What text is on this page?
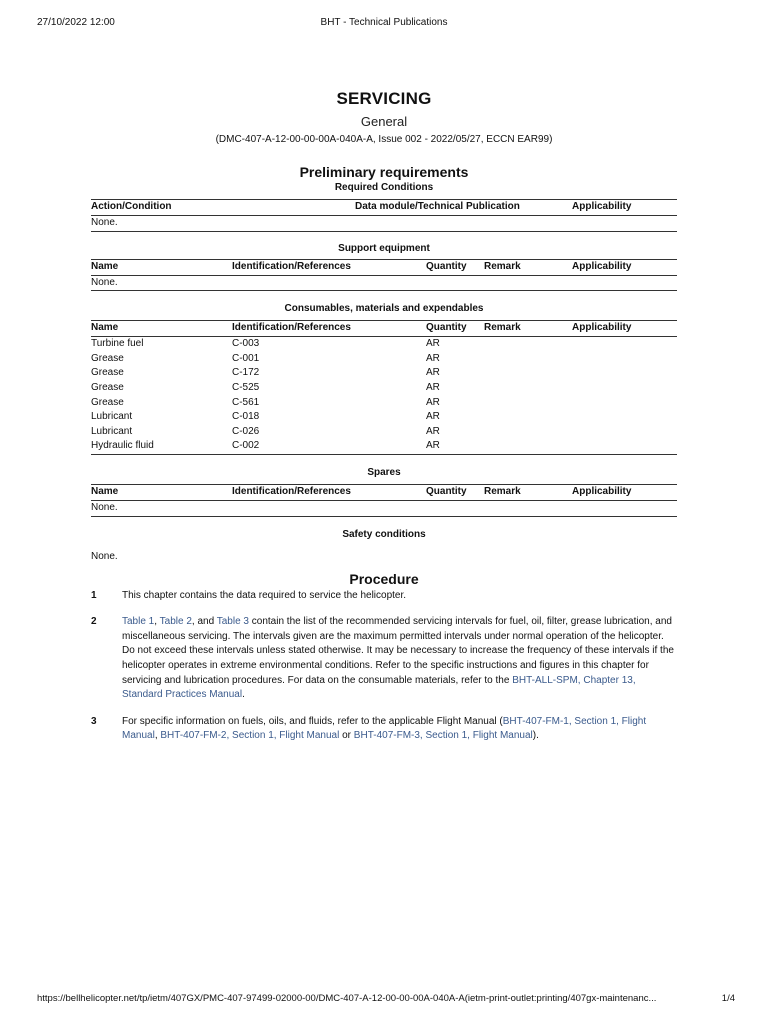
27/10/2022 12:00	BHT - Technical Publications
SERVICING
General
(DMC-407-A-12-00-00-00A-040A-A, Issue 002 - 2022/05/27, ECCN EAR99)
Preliminary requirements
Required Conditions
Action/Condition	Data module/Technical Publication	Applicability
None.		
Support equipment
Name	Identification/References	Quantity	Remark	Applicability
None.				
Consumables, materials and expendables
Name	Identification/References	Quantity	Remark	Applicability
Turbine fuel	C-003	AR		
Grease	C-001	AR		
Grease	C-172	AR		
Grease	C-525	AR		
Grease	C-561	AR		
Lubricant	C-018	AR		
Lubricant	C-026	AR		
Hydraulic fluid	C-002	AR		
Spares
Name	Identification/References	Quantity	Remark	Applicability
None.				
Safety conditions
None.
Procedure
1	This chapter contains the data required to service the helicopter.
2	Table 1, Table 2, and Table 3 contain the list of the recommended servicing intervals for fuel, oil, filter, grease lubrication, and miscellaneous servicing. The intervals given are the maximum permitted intervals under normal operation of the helicopter. Do not exceed these intervals unless stated otherwise. It may be necessary to increase the frequency of these intervals if the helicopter operates in extreme environmental conditions. Refer to the specific instructions and figures in this chapter for servicing and lubrication procedures. For data on the consumable materials, refer to the BHT-ALL-SPM, Chapter 13, Standard Practices Manual.
3	For specific information on fuels, oils, and fluids, refer to the applicable Flight Manual (BHT-407-FM-1, Section 1, Flight Manual, BHT-407-FM-2, Section 1, Flight Manual or BHT-407-FM-3, Section 1, Flight Manual).
https://bellhelicopter.net/tp/ietm/407GX/PMC-407-97499-02000-00/DMC-407-A-12-00-00-00A-040A-A(ietm-print-outlet:printing/407gx-maintenanc...	1/4
